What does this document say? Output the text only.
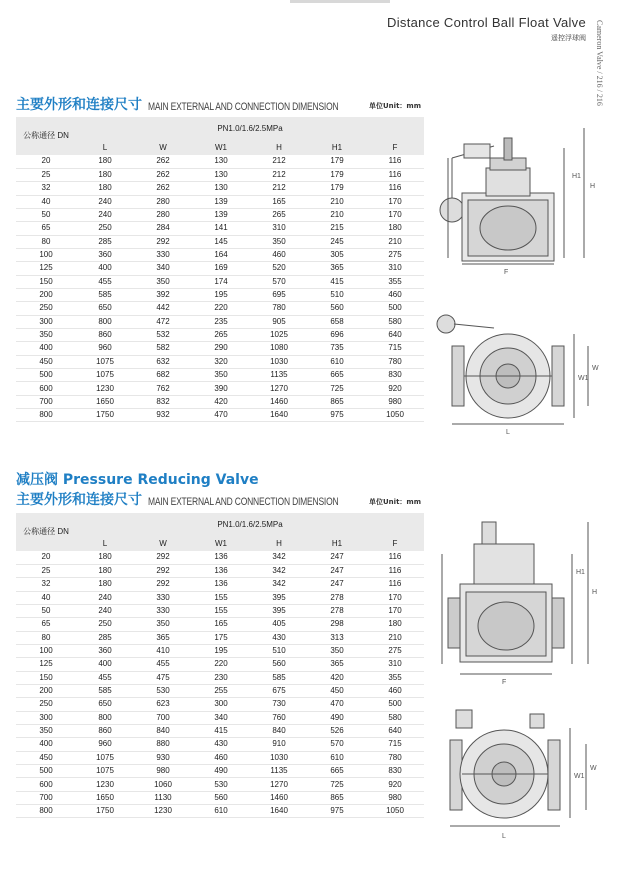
Distance Control Ball Float Valve
遥控浮球阀	Cameron Valve / 216 / 216
主要外形和连接尺寸 MAIN EXTERNAL AND CONNECTION DIMENSION	单位Unit：mm
公称通径 DN	PN1.0/1.6/2.5MPa					
	L	W	W1	H	H1	F
20	180	262	130	212	179	116
25	180	262	130	212	179	116
32	180	262	130	212	179	116
40	240	280	139	165	210	170
50	240	280	139	265	210	170
65	250	284	141	310	215	180
80	285	292	145	350	245	210
100	360	330	164	460	305	275
125	400	340	169	520	365	310
150	455	350	174	570	415	355
200	585	392	195	695	510	460
250	650	442	220	780	560	500
300	800	472	235	905	658	580
350	860	532	265	1025	696	640
400	960	582	290	1080	735	715
450	1075	632	320	1030	610	780
500	1075	682	350	1135	665	830
600	1230	762	390	1270	725	920
700	1650	832	420	1460	865	980
800	1750	932	470	1640	975	1050
H1
H
F
W1
W
L
减压阀 Pressure Reducing Valve
主要外形和连接尺寸 MAIN EXTERNAL AND CONNECTION DIMENSION	单位Unit：mm
公称通径 DN	PN1.0/1.6/2.5MPa					
	L	W	W1	H	H1	F
20	180	292	136	342	247	116
25	180	292	136	342	247	116
32	180	292	136	342	247	116
40	240	330	155	395	278	170
50	240	330	155	395	278	170
65	250	350	165	405	298	180
80	285	365	175	430	313	210
100	360	410	195	510	350	275
125	400	455	220	560	365	310
150	455	475	230	585	420	355
200	585	530	255	675	450	460
250	650	623	300	730	470	500
300	800	700	340	760	490	580
350	860	840	415	840	526	640
400	960	880	430	910	570	715
450	1075	930	460	1030	610	780
500	1075	980	490	1135	665	830
600	1230	1060	530	1270	725	920
700	1650	1130	560	1460	865	980
800	1750	1230	610	1640	975	1050
H1
H
F
W1
W
L
